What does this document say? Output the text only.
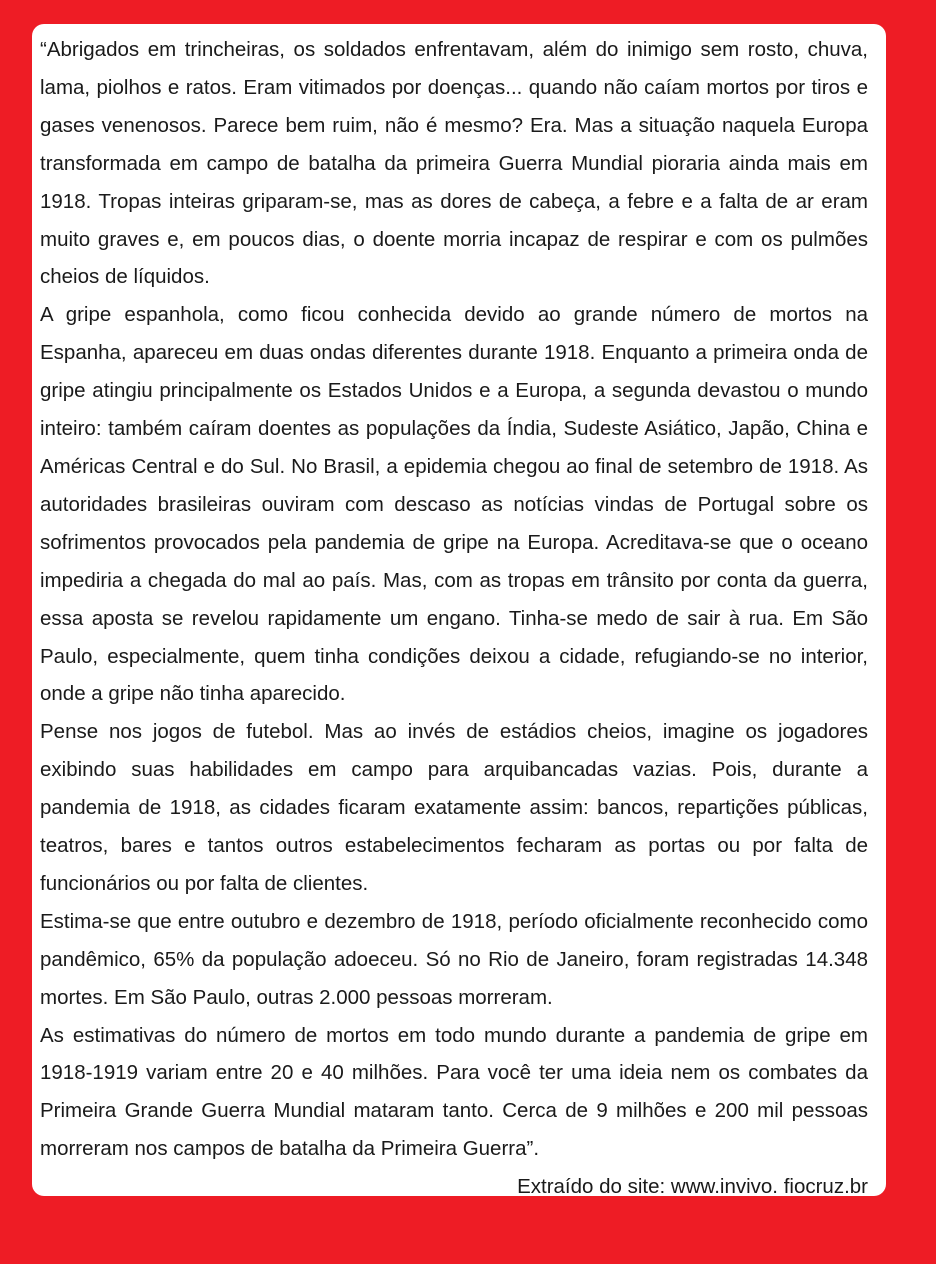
“Abrigados em trincheiras, os soldados enfrentavam, além do inimigo sem rosto, chuva, lama, piolhos e ratos. Eram vitimados por doenças... quando não caíam mortos por tiros e gases venenosos. Parece bem ruim, não é mesmo? Era. Mas a situação naquela Europa transformada em campo de batalha da primeira Guerra Mundial pioraria ainda mais em 1918. Tropas inteiras griparam-se, mas as dores de cabeça, a febre e a falta de ar eram muito graves e, em poucos dias, o doente morria incapaz de respirar e com os pulmões cheios de líquidos.

A gripe espanhola, como ficou conhecida devido ao grande número de mortos na Espanha, apareceu em duas ondas diferentes durante 1918. Enquanto a primeira onda de gripe atingiu principalmente os Estados Unidos e a Europa, a segunda devastou o mundo inteiro: também caíram doentes as populações da Índia, Sudeste Asiático, Japão, China e Américas Central e do Sul. No Brasil, a epidemia chegou ao final de setembro de 1918. As autoridades brasileiras ouviram com descaso as notícias vindas de Portugal sobre os sofrimentos provocados pela pandemia de gripe na Europa. Acreditava-se que o oceano impediria a chegada do mal ao país. Mas, com as tropas em trânsito por conta da guerra, essa aposta se revelou rapidamente um engano. Tinha-se medo de sair à rua. Em São Paulo, especialmente, quem tinha condições deixou a cidade, refugiando-se no interior, onde a gripe não tinha aparecido.

Pense nos jogos de futebol. Mas ao invés de estádios cheios, imagine os jogadores exibindo suas habilidades em campo para arquibancadas vazias. Pois, durante a pandemia de 1918, as cidades ficaram exatamente assim: bancos, repartições públicas, teatros, bares e tantos outros estabelecimentos fecharam as portas ou por falta de funcionários ou por falta de clientes.

Estima-se que entre outubro e dezembro de 1918, período oficialmente reconhecido como pandêmico, 65% da população adoeceu. Só no Rio de Janeiro, foram registradas 14.348 mortes. Em São Paulo, outras 2.000 pessoas morreram.

As estimativas do número de mortos em todo mundo durante a pandemia de gripe em 1918-1919 variam entre 20 e 40 milhões. Para você ter uma ideia nem os combates da Primeira Grande Guerra Mundial mataram tanto. Cerca de 9 milhões e 200 mil pessoas morreram nos campos de batalha da Primeira Guerra”.

Extraído do site: www.invivo. fiocruz.br
